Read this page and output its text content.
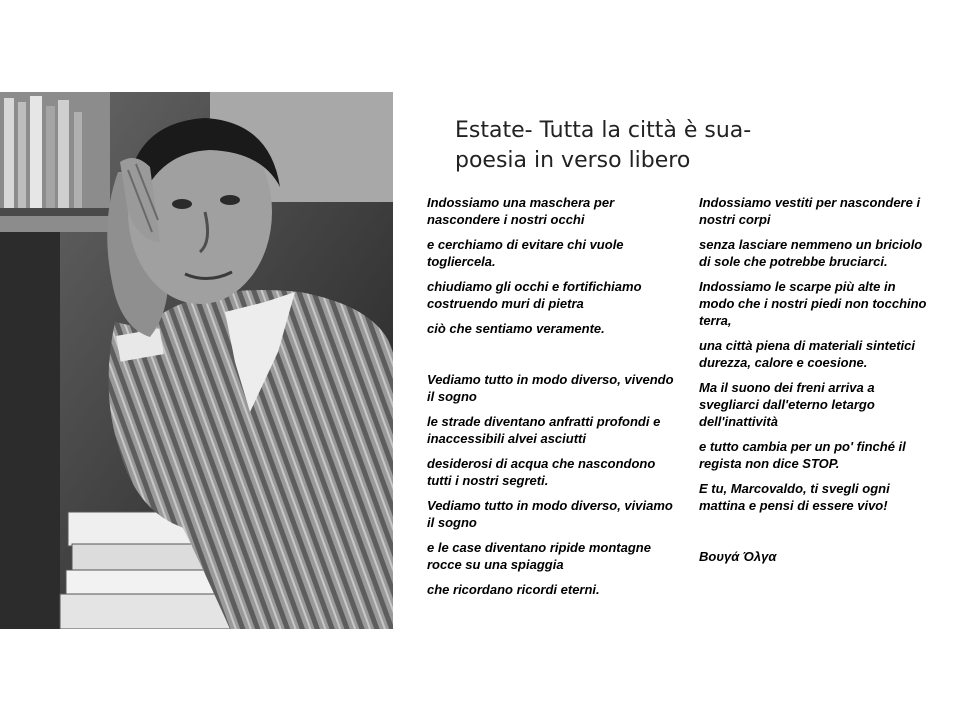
Estate- Tutta la città è sua-
poesia in verso libero

Indossiamo una maschera per
nascondere i nostri occhi

e cerchiamo di evitare chi vuole
togliercela.

chiudiamo gli occhi e fortifichiamo
costruendo muri di pietra

ciò che sentiamo veramente.

Vediamo tutto in modo diverso, vivendo
il sogno

le strade diventano anfratti profondi e
inaccessibili alvei asciutti

desiderosi di acqua che nascondono
tutti i nostri segreti.

Vediamo tutto in modo diverso, viviamo
il sogno

e le case diventano ripide montagne
rocce su una spiaggia

che ricordano ricordi eterni.

Indossiamo vestiti per nascondere i
nostri corpi

senza lasciare nemmeno un briciolo
di sole che potrebbe bruciarci.

Indossiamo le scarpe più alte in
modo che i nostri piedi non tocchino
terra,

una città piena di materiali sintetici
durezza, calore e coesione.

Ma il suono dei freni arriva a
svegliarci dall'eterno letargo
dell'inattività

e tutto cambia per un po' finché il
regista non dice STOP.

E tu, Marcovaldo, ti svegli ogni
mattina e pensi di essere vivo!

Βουγά Όλγα
